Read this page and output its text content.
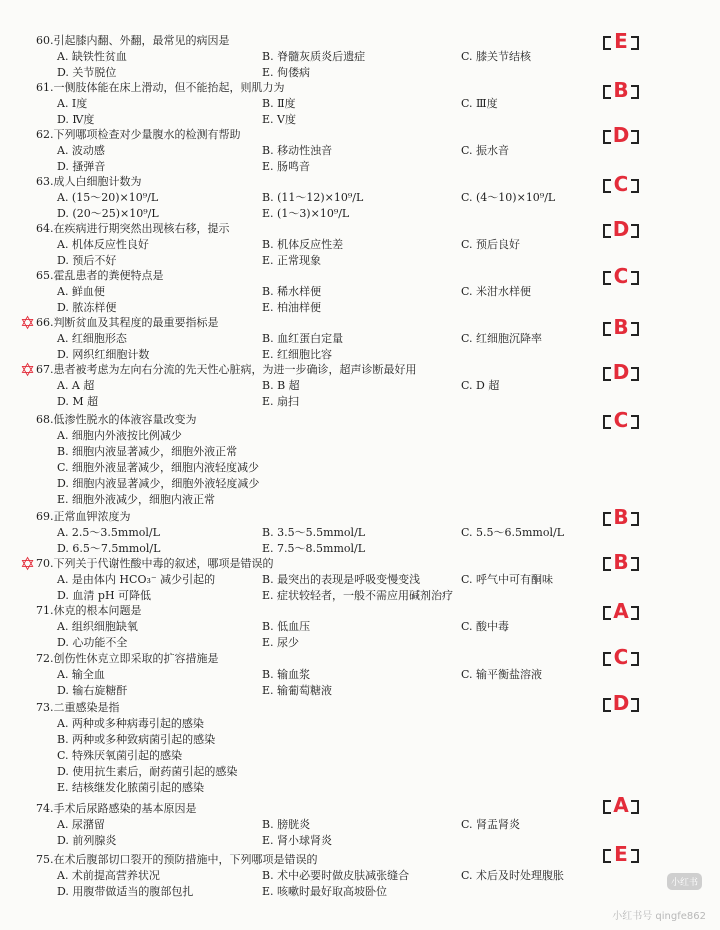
60.引起膝内翻、外翻，最常见的病因是
A. 缺铁性贫血	B. 脊髓灰质炎后遗症	C. 膝关节结核
D. 关节脱位	E. 佝偻病
E
61.一侧肢体能在床上滑动，但不能抬起，则肌力为
A. Ⅰ度	B. Ⅱ度	C. Ⅲ度
D. Ⅳ度	E. Ⅴ度
B
62.下列哪项检查对少量腹水的检测有帮助
A. 波动感	B. 移动性浊音	C. 振水音
D. 搔弹音	E. 肠鸣音
D
63.成人白细胞计数为
A. (15～20)×10⁹/L	B. (11～12)×10⁹/L	C. (4～10)×10⁹/L
D. (20～25)×10⁹/L	E. (1～3)×10⁹/L
C
64.在疾病进行期突然出现核右移，提示
A. 机体反应性良好	B. 机体反应性差	C. 预后良好
D. 预后不好	E. 正常现象
D
65.霍乱患者的粪便特点是
A. 鲜血便	B. 稀水样便	C. 米泔水样便
D. 脓冻样便	E. 柏油样便
C
✡ 66.判断贫血及其程度的最重要指标是
A. 红细胞形态	B. 血红蛋白定量	C. 红细胞沉降率
D. 网织红细胞计数	E. 红细胞比容
B
✡ 67.患者被考虑为左向右分流的先天性心脏病，为进一步确诊，超声诊断最好用
A. A 超	B. B 超	C. D 超
D. M 超	E. 扇扫
D
68.低渗性脱水的体液容量改变为
A. 细胞内外液按比例减少
B. 细胞内液显著减少，细胞外液正常
C. 细胞外液显著减少，细胞内液轻度减少
D. 细胞内液显著减少，细胞外液轻度减少
E. 细胞外液减少，细胞内液正常
C
69.正常血钾浓度为
A. 2.5～3.5mmol/L	B. 3.5～5.5mmol/L	C. 5.5～6.5mmol/L
D. 6.5～7.5mmol/L	E. 7.5～8.5mmol/L
B
✡ 70.下列关于代谢性酸中毒的叙述，哪项是错误的
A. 是由体内 HCO₃⁻ 减少引起的	B. 最突出的表现是呼吸变慢变浅	C. 呼气中可有酮味
D. 血清 pH 可降低	E. 症状较轻者，一般不需应用碱剂治疗
B
71.休克的根本问题是
A. 组织细胞缺氧	B. 低血压	C. 酸中毒
D. 心功能不全	E. 尿少
A
72.创伤性休克立即采取的扩容措施是
A. 输全血	B. 输血浆	C. 输平衡盐溶液
D. 输右旋糖酐	E. 输葡萄糖液
C
73.二重感染是指
A. 两种或多种病毒引起的感染
B. 两种或多种致病菌引起的感染
C. 特殊厌氧菌引起的感染
D. 使用抗生素后，耐药菌引起的感染
E. 结核继发化脓菌引起的感染
D
74.手术后尿路感染的基本原因是
A. 尿潴留	B. 膀胱炎	C. 肾盂肾炎
D. 前列腺炎	E. 肾小球肾炎
A
75.在术后腹部切口裂开的预防措施中，下列哪项是错误的
A. 术前提高营养状况	B. 术中必要时做皮肤减张缝合	C. 术后及时处理腹胀
D. 用腹带做适当的腹部包扎	E. 咳嗽时最好取高坡卧位
E
小红书
小红书号 qingfe862
